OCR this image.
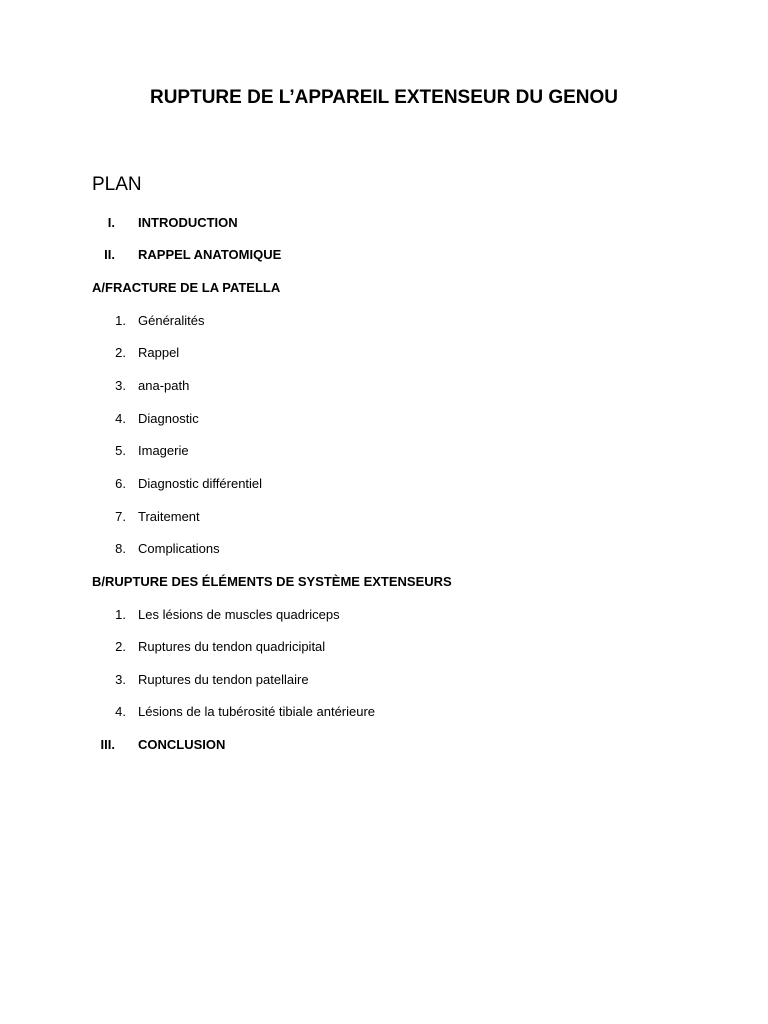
RUPTURE DE L’APPAREIL EXTENSEUR DU GENOU
PLAN
I. INTRODUCTION
II. RAPPEL ANATOMIQUE
A/FRACTURE DE LA PATELLA
1. Généralités
2. Rappel
3. ana-path
4. Diagnostic
5. Imagerie
6. Diagnostic différentiel
7. Traitement
8. Complications
B/RUPTURE DES ÉLÉMENTS DE SYSTÈME EXTENSEURS
1. Les lésions de muscles quadriceps
2. Ruptures du tendon quadricipital
3. Ruptures du tendon patellaire
4. Lésions de la tubérosité tibiale antérieure
III. CONCLUSION
